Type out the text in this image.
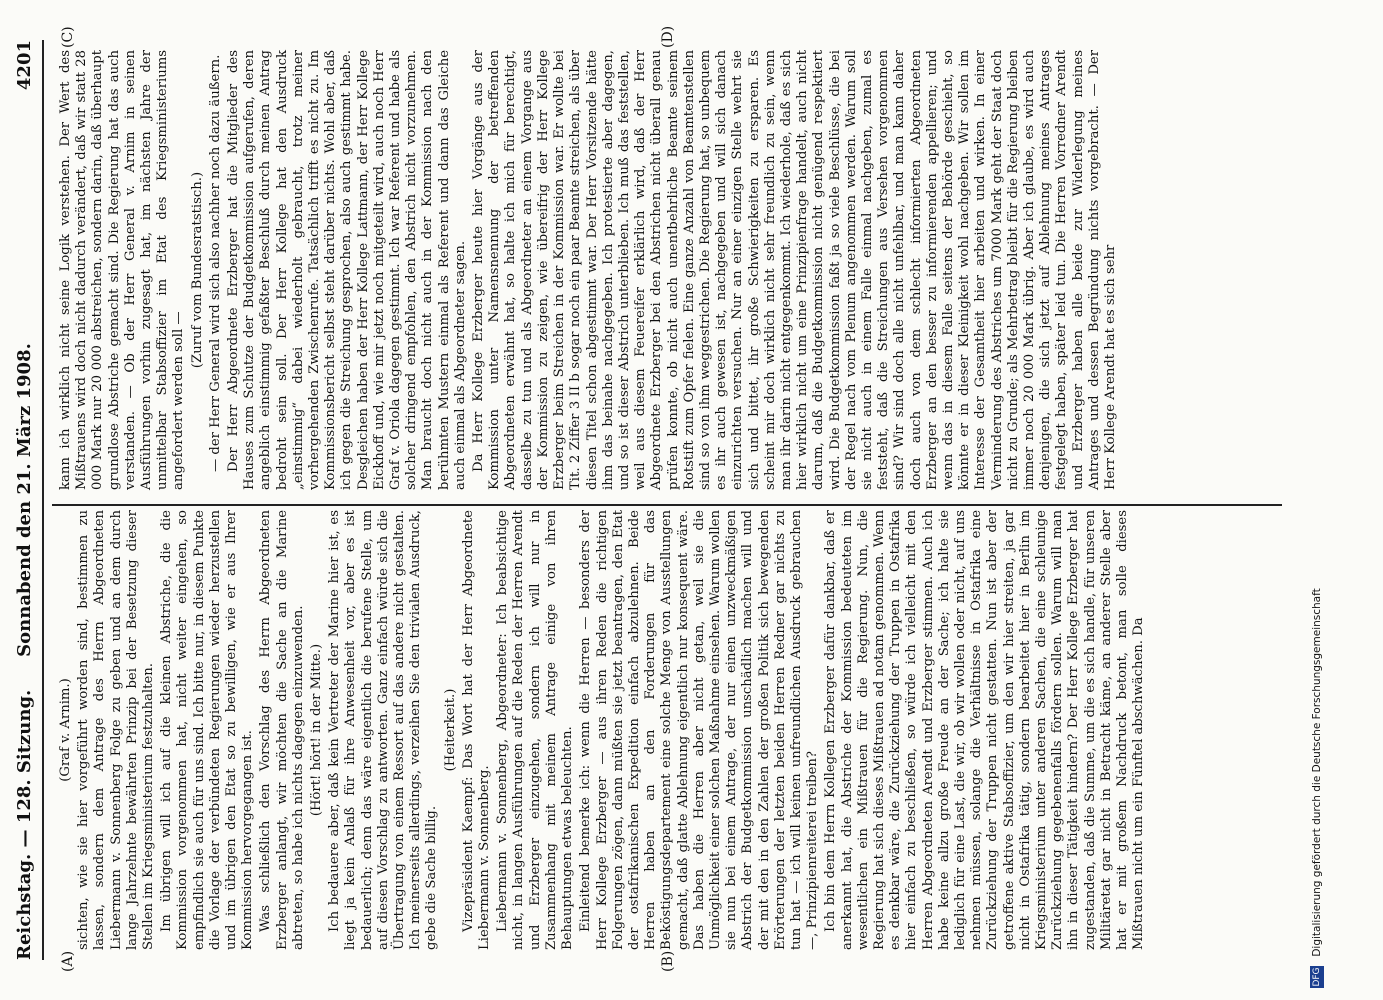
Reichstag. — 128. Sitzung.
Sonnabend den 21. März 1908.
4201
(A)	(B)
(C)	(D)

(Graf v. Arnim.) sichten, wie sie hier vorgeführt worden sind, bestimmen zu lassen, sondern dem Antrage des Herrn Abgeordneten Liebermann v. Sonnenberg Folge zu geben und an dem durch lange Jahrzehnte bewährten Prinzip bei der Besetzung dieser Stellen im Kriegsministerium festzuhalten. Im übrigen will ich auf die kleinen Abstriche, die die Kommission vorgenommen hat, nicht weiter eingehen, so empfindlich sie auch für uns sind. Ich bitte nur, in diesem Punkte die Vorlage der verbündeten Regierungen wieder herzustellen und im übrigen den Etat so zu bewilligen, wie er aus Ihrer Kommission hervorgegangen ist. Was schließlich den Vorschlag des Herrn Abgeordneten Erzberger anlangt, wir möchten die Sache an die Marine abtreten, so habe ich nichts dagegen einzuwenden. (Hört! hört! in der Mitte.) Ich bedauere aber, daß kein Vertreter der Marine hier ist, es liegt ja kein Anlaß für ihre Anwesenheit vor, aber es ist bedauerlich; denn das wäre eigentlich die berufene Stelle, um auf diesen Vorschlag zu antworten. Ganz einfach würde sich die Übertragung von einem Ressort auf das andere nicht gestalten. Ich meinerseits allerdings, verzeihen Sie den trivialen Ausdruck, gebe die Sache billig.

(Heiterkeit.) Vizepräsident Kaempf: Das Wort hat der Herr Abgeordnete Liebermann v. Sonnenberg. Liebermann v. Sonnenberg, Abgeordneter: Ich beabsichtige nicht, in langen Ausführungen auf die Reden der Herren Arendt und Erzberger einzugehen, sondern ich will nur in Zusammenhang mit meinem Antrage einige von ihren Behauptungen etwas beleuchten. Einleitend bemerke ich: wenn die Herren — besonders der Herr Kollege Erzberger — aus ihren Reden die richtigen Folgerungen zögen, dann müßten sie jetzt beantragen, den Etat der ostafrikanischen Expedition einfach abzulehnen. Beide Herren haben an den Forderungen für das Beköstigungsdepartement eine solche Menge von Ausstellungen gemacht, daß glatte Ablehnung eigentlich nur konsequent wäre. Das haben die Herren aber nicht getan, weil sie die Unmöglichkeit einer solchen Maßnahme einsehen. Warum wollen sie nun bei einem Antrage, der nur einen unzweckmäßigen Abstrich der Budgetkommission unschädlich machen will und der mit den in den Zahlen der großen Politik sich bewegenden Erörterungen der letzten beiden Herren Redner gar nichts zu tun hat — ich will keinen unfreundlichen Ausdruck gebrauchen —, Prinzipienreiterei treiben? Ich bin dem Herrn Kollegen Erzberger dafür dankbar, daß er anerkannt hat, die Abstriche der Kommission bedeuteten im wesentlichen ein Mißtrauen für die Regierung. Nun, die Regierung hat sich dieses Mißtrauen ad notam genommen. Wenn es denkbar wäre, die Zurückziehung der Truppen in Ostafrika hier einfach zu beschließen, so würde ich vielleicht mit den Herren Abgeordneten Arendt und Erzberger stimmen. Auch ich habe keine allzu große Freude an der Sache; ich halte sie lediglich für eine Last, die wir, ob wir wollen oder nicht, auf uns nehmen müssen, solange die Verhältnisse in Ostafrika eine Zurückziehung der Truppen nicht gestatten. Nun ist aber der getroffene aktive Stabsoffizier, um den wir hier streiten, ja gar nicht in Ostafrika tätig, sondern bearbeitet hier in Berlin im Kriegsministerium unter anderen Sachen, die eine schleunige Zurückziehung gegebenenfalls fördern sollen. Warum will man ihn in dieser Tätigkeit hindern? Der Herr Kollege Erzberger hat zugestanden, daß die Summe, um die es sich handle, für unseren Militäretat gar nicht in Betracht käme, an anderer Stelle aber hat er mit großem Nachdruck betont, man solle dieses Mißtrauen nicht um ein Fünftel abschwächen. Da

kann ich wirklich nicht seine Logik verstehen. Der Wert des Mißtrauens wird doch nicht dadurch verändert, daß wir statt 28 000 Mark nur 20 000 abstreichen, sondern darin, daß überhaupt grundlose Abstriche gemacht sind. Die Regierung hat das auch verstanden. — Ob der Herr General v. Arnim in seinen Ausführungen vorhin zugesagt hat, im nächsten Jahre der unmittelbar Stabsoffizier im Etat des Kriegsministeriums angefordert werden soll —

(Zuruf vom Bundesratstisch.) — der Herr General wird sich also nachher noch dazu äußern. Der Herr Abgeordnete Erzberger hat die Mitglieder des Hauses zum Schutze der Budgetkommission aufgerufen, deren angeblich einstimmig gefaßter Beschluß durch meinen Antrag bedroht sein soll. Der Herr Kollege hat den Ausdruck „einstimmig“ dabei wiederholt gebraucht, trotz meiner vorhergehenden Zwischenrufe. Tatsächlich trifft es nicht zu. Im Kommissionsbericht selbst steht darüber nichts. Wohl aber, daß ich gegen die Streichung gesprochen, also auch gestimmt habe. Desgleichen haben der Herr Kollege Lattmann, der Herr Kollege Eickhoff und, wie mir jetzt noch mitgeteilt wird, auch noch Herr Graf v. Oriola dagegen gestimmt. Ich war Referent und habe als solcher dringend empfohlen, den Abstrich nicht vorzunehmen. Man braucht doch nicht auch in der Kommission nach den berühmten Mustern einmal als Referent und dann das Gleiche auch einmal als Abgeordneter sagen. Da Herr Kollege Erzberger heute hier Vorgänge aus der Kommission unter Namensnennung der betreffenden Abgeordneten erwähnt hat, so halte ich mich für berechtigt, dasselbe zu tun und als Abgeordneter an einem Vorgange aus der Kommission zu zeigen, wie übereifrig der Herr Kollege Erzberger beim Streichen in der Kommission war. Er wollte bei Tit. 2 Ziffer 3 II b sogar noch ein paar Beamte streichen, als über diesen Titel schon abgestimmt war. Der Herr Vorsitzende hätte ihm das beinahe nachgegeben. Ich protestierte aber dagegen, und so ist dieser Abstrich unterblieben. Ich muß das feststellen, weil aus diesem Feuereifer erklärlich wird, daß der Herr Abgeordnete Erzberger bei den Abstrichen nicht überall genau prüfen konnte, ob nicht auch unentbehrliche Beamte seinem Rotstift zum Opfer fielen. Eine ganze Anzahl von Beamtenstellen sind so von ihm weggestrichen. Die Regierung hat, so unbequem es ihr auch gewesen ist, nachgegeben und will sich danach einzurichten versuchen. Nur an einer einzigen Stelle wehrt sie sich und bittet, ihr große Schwierigkeiten zu ersparen. Es scheint mir doch wirklich nicht sehr freundlich zu sein, wenn man ihr darin nicht entgegenkommt. Ich wiederhole, daß es sich hier wirklich nicht um eine Prinzipienfrage handelt, auch nicht darum, daß die Budgetkommission nicht genügend respektiert wird. Die Budgetkommission faßt ja so viele Beschlüsse, die bei der Regel nach vom Plenum angenommen werden. Warum soll sie nicht auch in einem Falle einmal nachgeben, zumal es feststeht, daß die Streichungen aus Versehen vorgenommen sind? Wir sind doch alle nicht unfehlbar, und man kann daher doch auch von dem schlecht informierten Abgeordneten Erzberger an den besser zu informierenden appellieren; und wenn das in diesem Falle seitens der Behörde geschieht, so könnte er in dieser Kleinigkeit wohl nachgeben. Wir sollen im Interesse der Gesamtheit hier arbeiten und wirken. In einer Verminderung des Abstriches um 7000 Mark geht der Staat doch nicht zu Grunde; als Mehrbetrag bleibt für die Regierung bleiben immer noch 20 000 Mark übrig. Aber ich glaube, es wird auch denjenigen, die sich jetzt auf Ablehnung meines Antrages festgelegt haben, später leid tun. Die Herren Vorredner Arendt und Erzberger haben alle beide zur Widerlegung meines Antrages und dessen Begründung nichts vorgebracht. — Der Herr Kollege Arendt hat es sich sehr

DFG Digitalisierung gefördert durch die Deutsche Forschungsgemeinschaft
